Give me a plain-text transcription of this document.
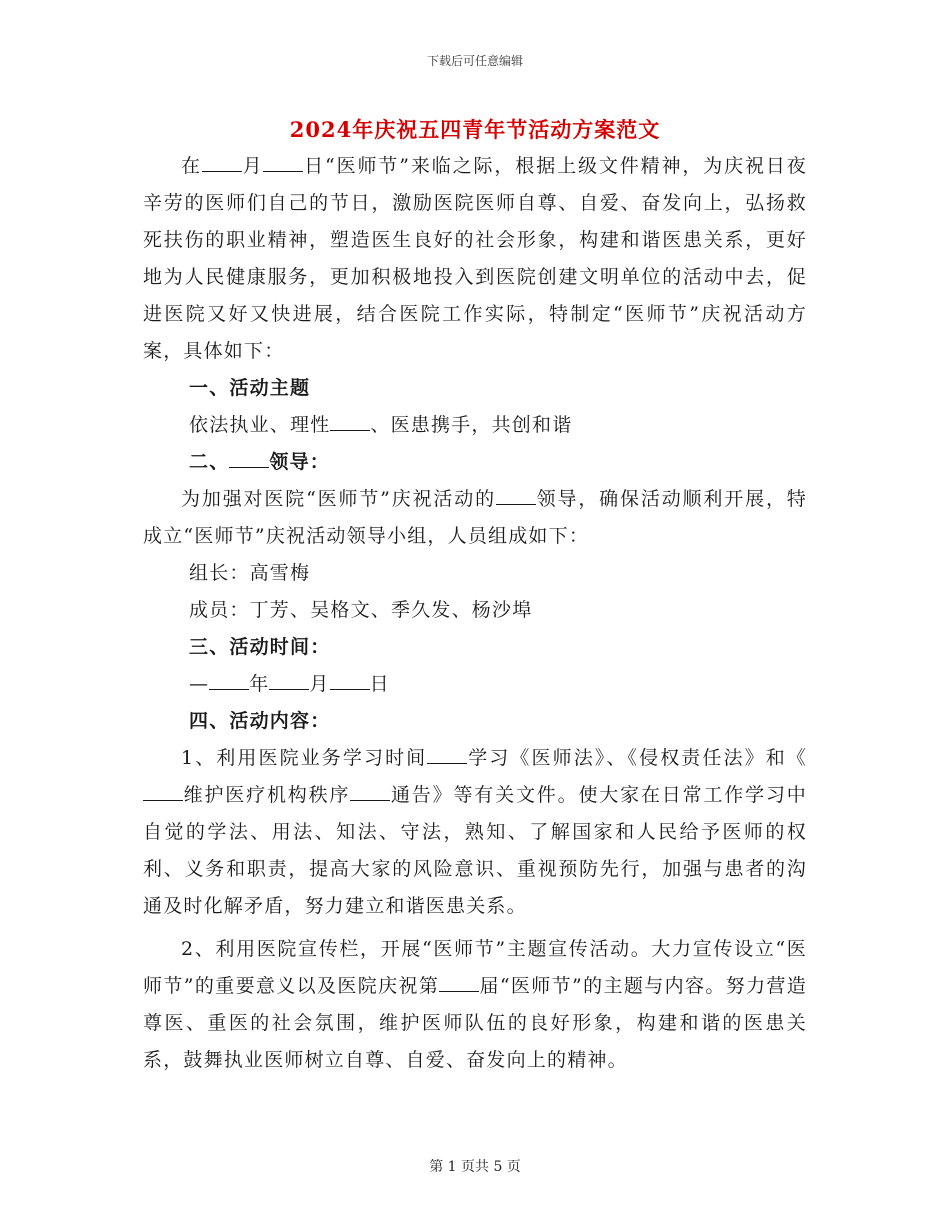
下载后可任意编辑
2024年庆祝五四青年节活动方案范文

在 月 日“医师节”来临之际，根据上级文件精神，为庆祝日夜辛劳的医师们自己的节日，激励医院医师自尊、自爱、奋发向上，弘扬救死扶伤的职业精神，塑造医生良好的社会形象，构建和谐医患关系，更好地为人民健康服务，更加积极地投入到医院创建文明单位的活动中去，促进医院又好又快进展，结合医院工作实际，特制定“医师节”庆祝活动方案，具体如下：

一、活动主题

依法执业、理性 、医患携手，共创和谐

二、 领导：

为加强对医院“医师节”庆祝活动的 领导，确保活动顺利开展，特成立“医师节”庆祝活动领导小组，人员组成如下：

组长：高雪梅

成员：丁芳、吴格文、季久发、杨沙埠

三、活动时间：

— 年 月 日

四、活动内容：

1、利用医院业务学习时间 学习《医师法》、《侵权责任法》和《维护医疗机构秩序 通告》等有关文件。使大家在日常工作学习中自觉的学法、用法、知法、守法，熟知、了解国家和人民给予医师的权利、义务和职责，提高大家的风险意识、重视预防先行，加强与患者的沟通及时化解矛盾，努力建立和谐医患关系。

2、利用医院宣传栏，开展“医师节”主题宣传活动。大力宣传设立“医师节”的重要意义以及医院庆祝第 届“医师节”的主题与内容。努力营造尊医、重医的社会氛围，维护医师队伍的良好形象，构建和谐的医患关系，鼓舞执业医师树立自尊、自爱、奋发向上的精神。

第 1 页共 5 页
